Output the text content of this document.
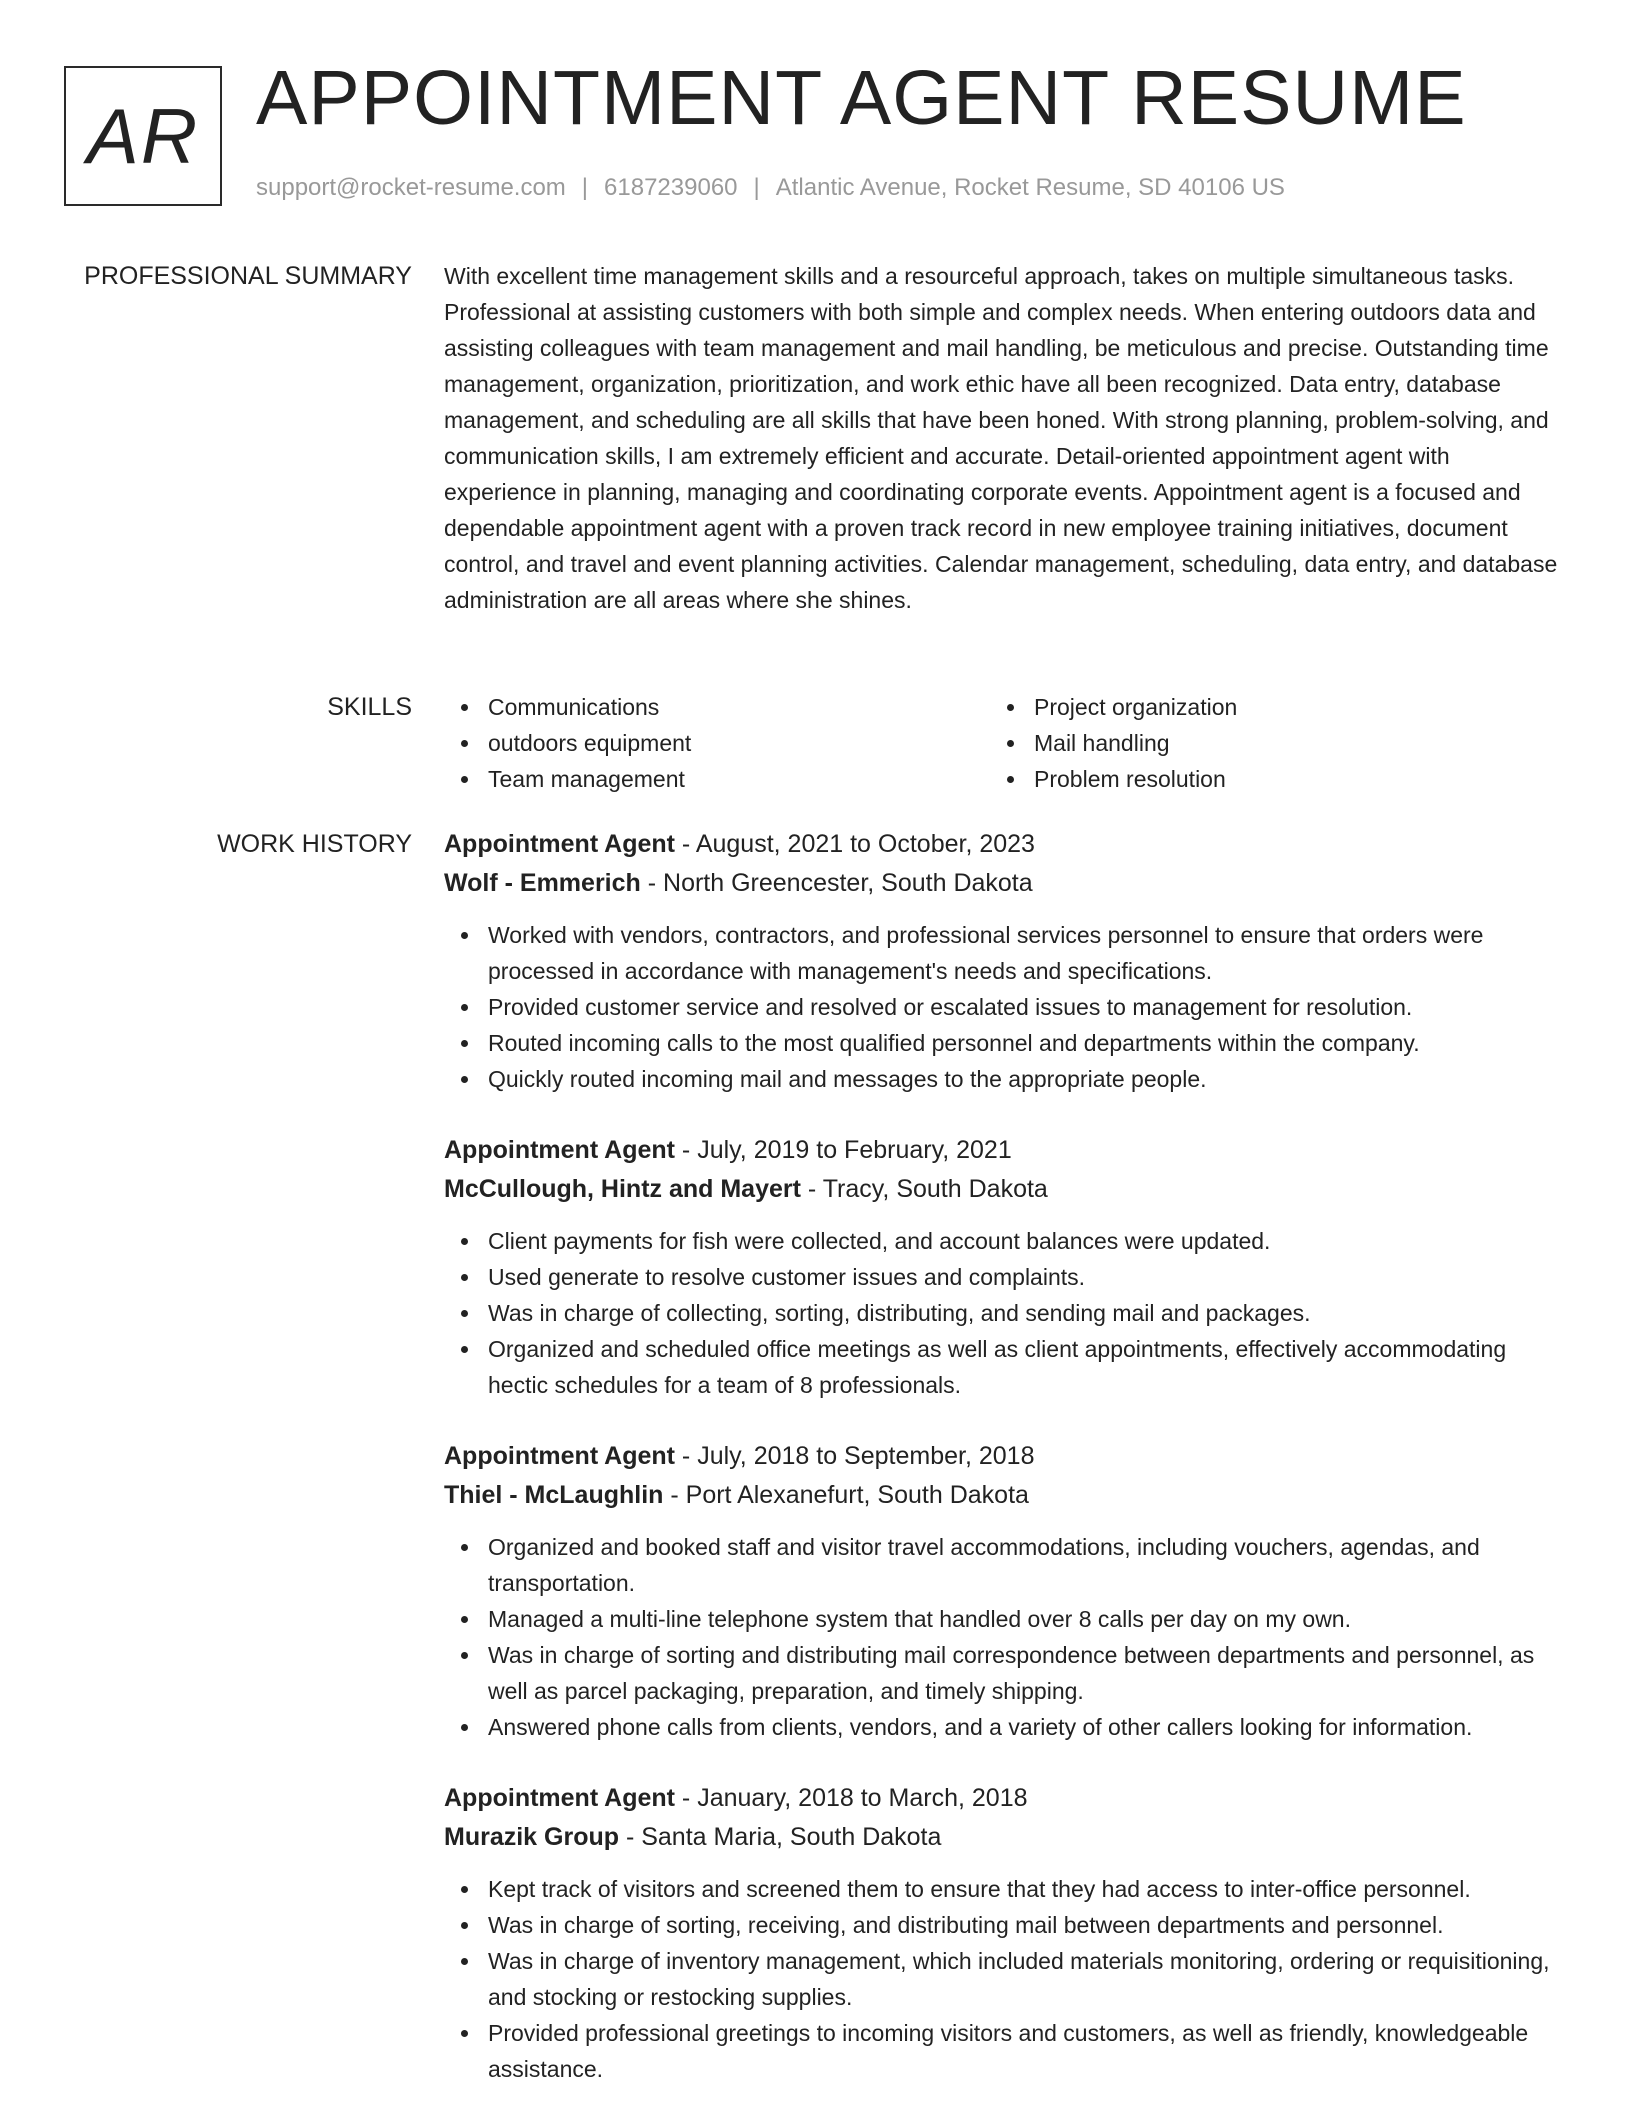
AR APPOINTMENT AGENT RESUME
support@rocket-resume.com | 6187239060 | Atlantic Avenue, Rocket Resume, SD 40106 US
PROFESSIONAL SUMMARY With excellent time management skills and a resourceful approach, takes on multiple simultaneous tasks. Professional at assisting customers with both simple and complex needs. When entering outdoors data and assisting colleagues with team management and mail handling, be meticulous and precise. Outstanding time management, organization, prioritization, and work ethic have all been recognized. Data entry, database management, and scheduling are all skills that have been honed. With strong planning, problem-solving, and communication skills, I am extremely efficient and accurate. Detail-oriented appointment agent with experience in planning, managing and coordinating corporate events. Appointment agent is a focused and dependable appointment agent with a proven track record in new employee training initiatives, document control, and travel and event planning activities. Calendar management, scheduling, data entry, and database administration are all areas where she shines.

SKILLS	Communications
outdoors equipment
Team management
Project organization
Mail handling
Problem resolution
WORK HISTORY Appointment Agent - August, 2021 to October, 2023
Wolf - Emmerich - North Greencester, South Dakota
Worked with vendors, contractors, and professional services personnel to ensure that orders were processed in accordance with management's needs and specifications.
Provided customer service and resolved or escalated issues to management for resolution.
Routed incoming calls to the most qualified personnel and departments within the company.
Quickly routed incoming mail and messages to the appropriate people.
Appointment Agent - July, 2019 to February, 2021
McCullough, Hintz and Mayert - Tracy, South Dakota
Client payments for fish were collected, and account balances were updated.
Used generate to resolve customer issues and complaints.
Was in charge of collecting, sorting, distributing, and sending mail and packages.
Organized and scheduled office meetings as well as client appointments, effectively accommodating hectic schedules for a team of 8 professionals.
Appointment Agent - July, 2018 to September, 2018
Thiel - McLaughlin - Port Alexanefurt, South Dakota
Organized and booked staff and visitor travel accommodations, including vouchers, agendas, and transportation.
Managed a multi-line telephone system that handled over 8 calls per day on my own.
Was in charge of sorting and distributing mail correspondence between departments and personnel, as well as parcel packaging, preparation, and timely shipping.
Answered phone calls from clients, vendors, and a variety of other callers looking for information.
Appointment Agent - January, 2018 to March, 2018
Murazik Group - Santa Maria, South Dakota
Kept track of visitors and screened them to ensure that they had access to inter-office personnel.
Was in charge of sorting, receiving, and distributing mail between departments and personnel.
Was in charge of inventory management, which included materials monitoring, ordering or requisitioning, and stocking or restocking supplies.
Provided professional greetings to incoming visitors and customers, as well as friendly, knowledgeable assistance.
